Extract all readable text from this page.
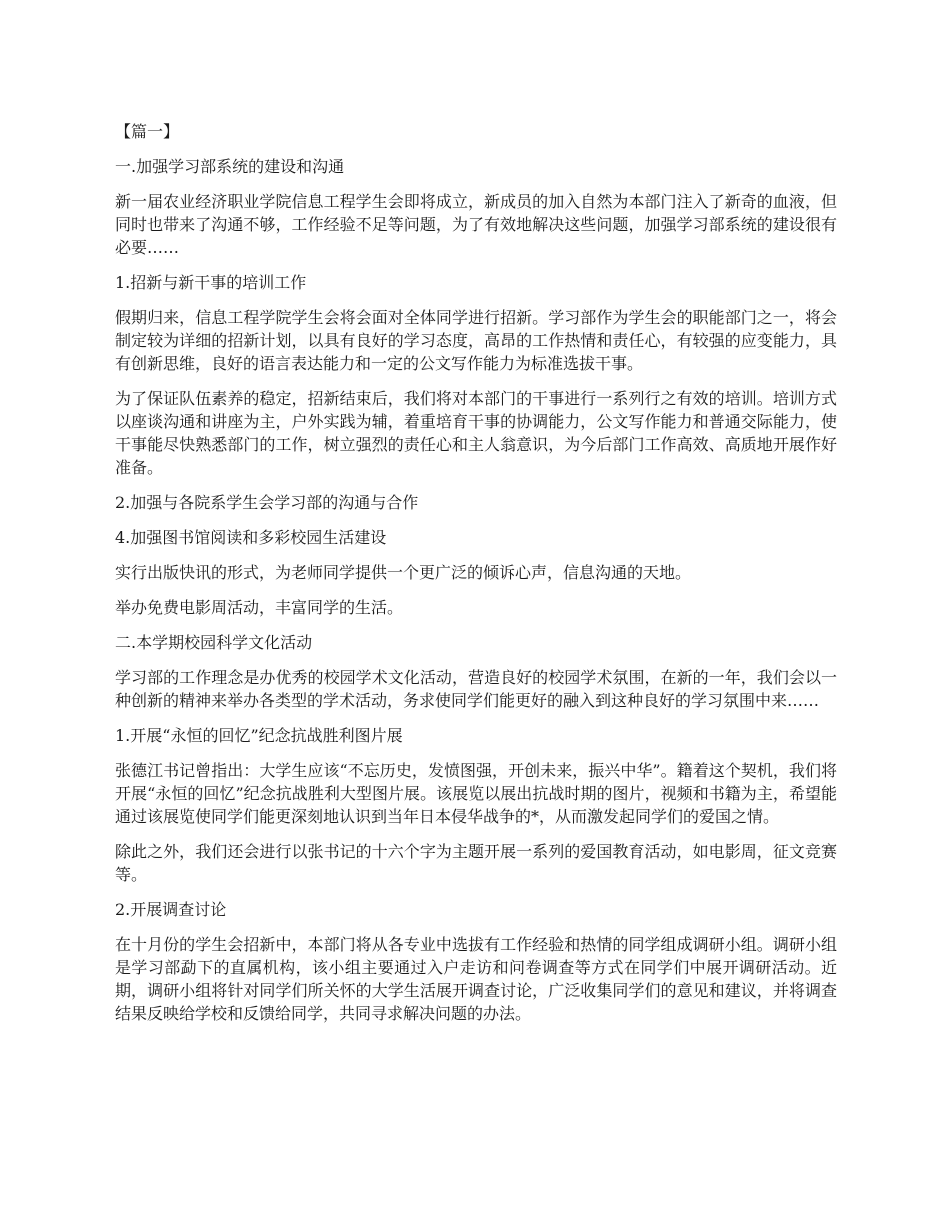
【篇一】

一.加强学习部系统的建设和沟通

新一届农业经济职业学院信息工程学生会即将成立，新成员的加入自然为本部门注入了新奇的血液，但同时也带来了沟通不够，工作经验不足等问题，为了有效地解决这些问题，加强学习部系统的建设很有必要……

1.招新与新干事的培训工作

假期归来，信息工程学院学生会将会面对全体同学进行招新。学习部作为学生会的职能部门之一，将会制定较为详细的招新计划，以具有良好的学习态度，高昂的工作热情和责任心，有较强的应变能力，具有创新思维，良好的语言表达能力和一定的公文写作能力为标准选拔干事。

为了保证队伍素养的稳定，招新结束后，我们将对本部门的干事进行一系列行之有效的培训。培训方式以座谈沟通和讲座为主，户外实践为辅，着重培育干事的协调能力，公文写作能力和普通交际能力，使干事能尽快熟悉部门的工作，树立强烈的责任心和主人翁意识，为今后部门工作高效、高质地开展作好准备。

2.加强与各院系学生会学习部的沟通与合作

4.加强图书馆阅读和多彩校园生活建设

实行出版快讯的形式，为老师同学提供一个更广泛的倾诉心声，信息沟通的天地。

举办免费电影周活动，丰富同学的生活。

二.本学期校园科学文化活动

学习部的工作理念是办优秀的校园学术文化活动，营造良好的校园学术氛围，在新的一年，我们会以一种创新的精神来举办各类型的学术活动，务求使同学们能更好的融入到这种良好的学习氛围中来……

1.开展“永恒的回忆”纪念抗战胜利图片展

张德江书记曾指出：大学生应该“不忘历史，发愤图强，开创未来，振兴中华”。籍着这个契机，我们将开展“永恒的回忆”纪念抗战胜利大型图片展。该展览以展出抗战时期的图片，视频和书籍为主，希望能通过该展览使同学们能更深刻地认识到当年日本侵华战争的*，从而激发起同学们的爱国之情。

除此之外，我们还会进行以张书记的十六个字为主题开展一系列的爱国教育活动，如电影周，征文竞赛等。

2.开展调查讨论

在十月份的学生会招新中，本部门将从各专业中选拔有工作经验和热情的同学组成调研小组。调研小组是学习部勐下的直属机构，该小组主要通过入户走访和问卷调查等方式在同学们中展开调研活动。近期，调研小组将针对同学们所关怀的大学生活展开调查讨论，广泛收集同学们的意见和建议，并将调查结果反映给学校和反馈给同学，共同寻求解决问题的办法。
